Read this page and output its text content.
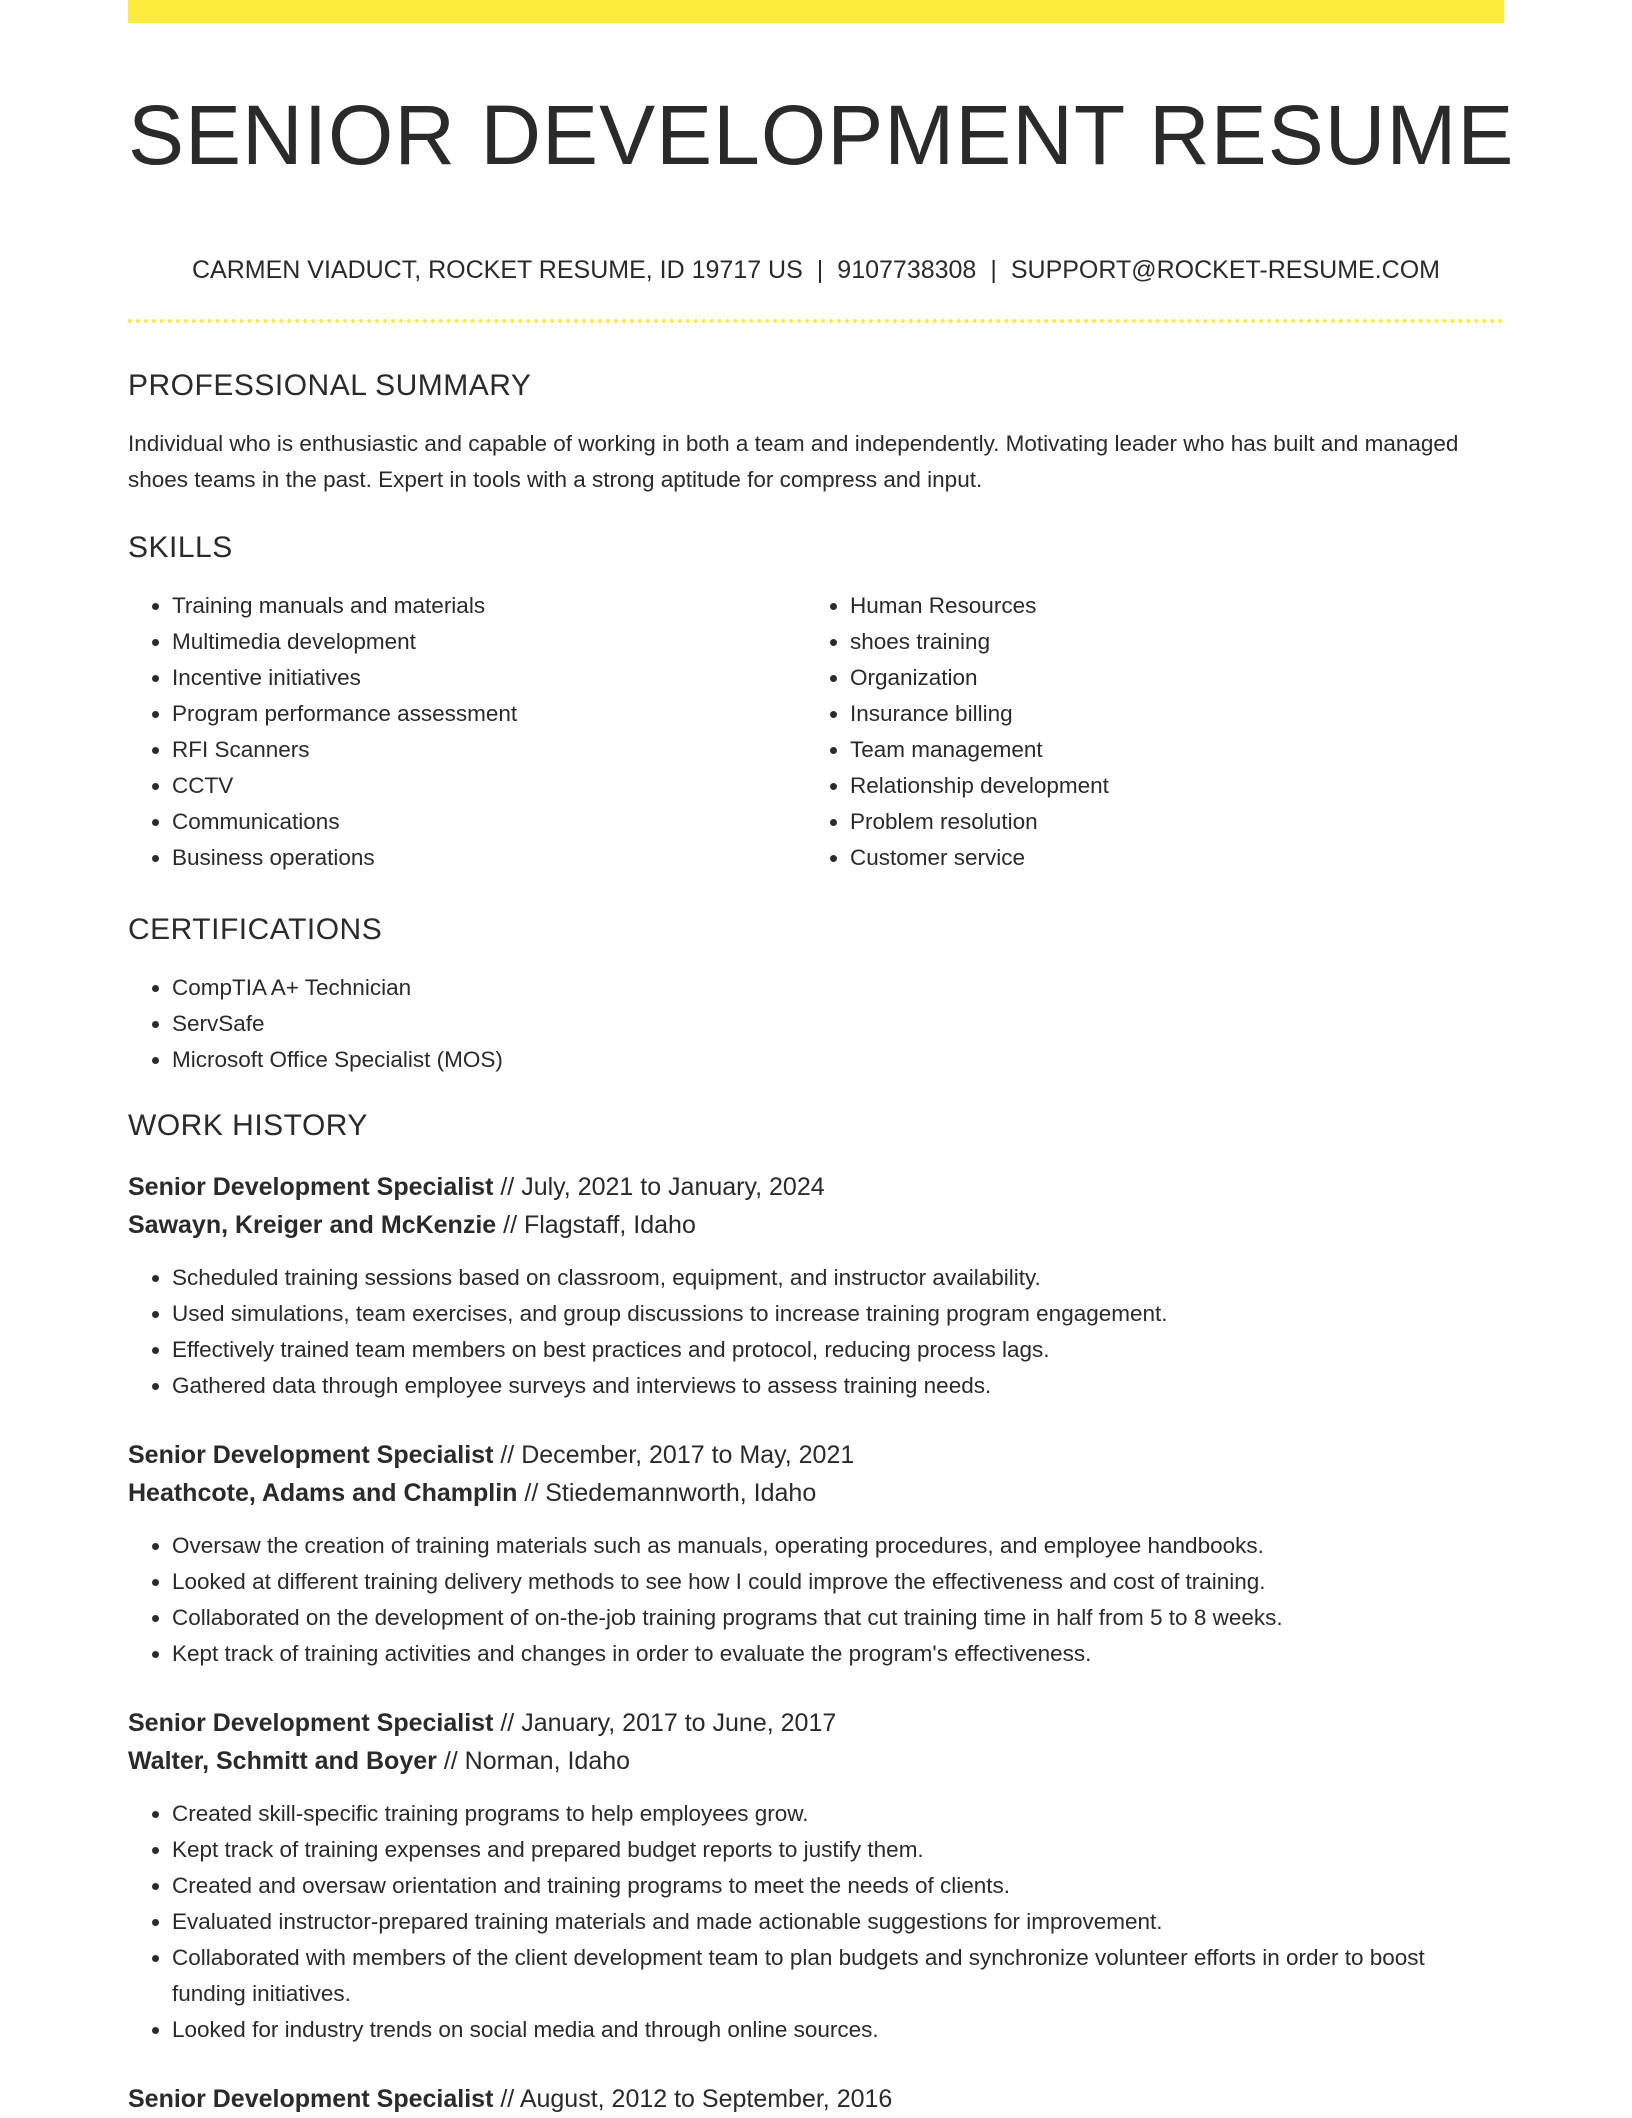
SENIOR DEVELOPMENT RESUME
CARMEN VIADUCT, ROCKET RESUME, ID 19717 US | 9107738308 | SUPPORT@ROCKET-RESUME.COM
PROFESSIONAL SUMMARY
Individual who is enthusiastic and capable of working in both a team and independently. Motivating leader who has built and managed shoes teams in the past. Expert in tools with a strong aptitude for compress and input.
SKILLS
• Training manuals and materials
• Multimedia development
• Incentive initiatives
• Program performance assessment
• RFI Scanners
• CCTV
• Communications
• Business operations
• Human Resources
• shoes training
• Organization
• Insurance billing
• Team management
• Relationship development
• Problem resolution
• Customer service
CERTIFICATIONS
• CompTIA A+ Technician
• ServSafe
• Microsoft Office Specialist (MOS)
WORK HISTORY
Senior Development Specialist // July, 2021 to January, 2024
Sawayn, Kreiger and McKenzie // Flagstaff, Idaho
• Scheduled training sessions based on classroom, equipment, and instructor availability.
• Used simulations, team exercises, and group discussions to increase training program engagement.
• Effectively trained team members on best practices and protocol, reducing process lags.
• Gathered data through employee surveys and interviews to assess training needs.
Senior Development Specialist // December, 2017 to May, 2021
Heathcote, Adams and Champlin // Stiedemannworth, Idaho
• Oversaw the creation of training materials such as manuals, operating procedures, and employee handbooks.
• Looked at different training delivery methods to see how I could improve the effectiveness and cost of training.
• Collaborated on the development of on-the-job training programs that cut training time in half from 5 to 8 weeks.
• Kept track of training activities and changes in order to evaluate the program's effectiveness.
Senior Development Specialist // January, 2017 to June, 2017
Walter, Schmitt and Boyer // Norman, Idaho
• Created skill-specific training programs to help employees grow.
• Kept track of training expenses and prepared budget reports to justify them.
• Created and oversaw orientation and training programs to meet the needs of clients.
• Evaluated instructor-prepared training materials and made actionable suggestions for improvement.
• Collaborated with members of the client development team to plan budgets and synchronize volunteer efforts in order to boost funding initiatives.
• Looked for industry trends on social media and through online sources.
Senior Development Specialist // August, 2012 to September, 2016
